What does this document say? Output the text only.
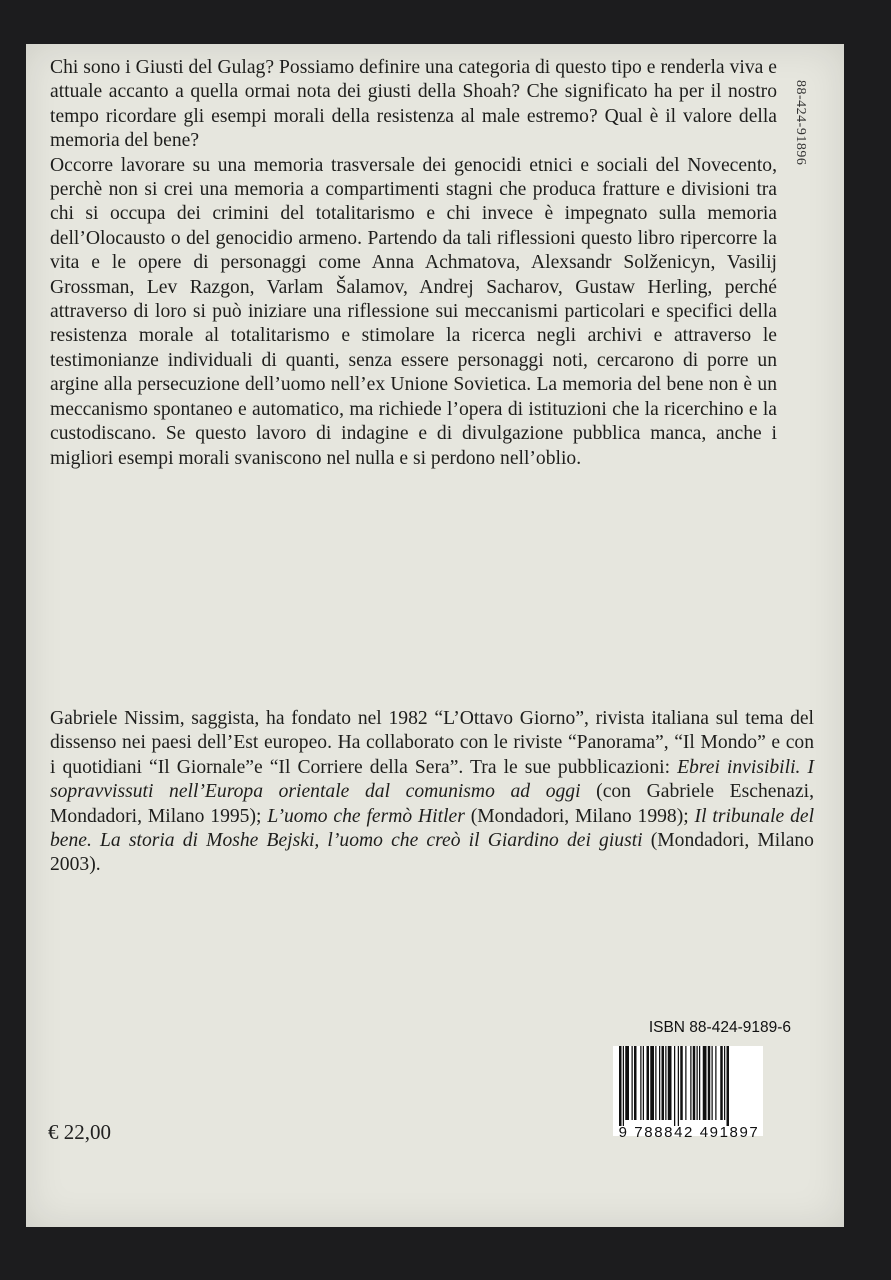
Chi sono i Giusti del Gulag? Possiamo definire una categoria di questo tipo e renderla viva e attuale accanto a quella ormai nota dei giusti della Shoah? Che significato ha per il nostro tempo ricordare gli esempi morali della resistenza al male estremo? Qual è il valore della memoria del bene?

Occorre lavorare su una memoria trasversale dei genocidi etnici e sociali del Novecento, perchè non si crei una memoria a compartimenti stagni che produca fratture e divisioni tra chi si occupa dei crimini del totalitarismo e chi invece è impegnato sulla memoria dell’Olocausto o del genocidio armeno. Partendo da tali riflessioni questo libro ripercorre la vita e le opere di personaggi come Anna Achmatova, Alexsandr Solženicyn, Vasilij Grossman, Lev Razgon, Varlam Šalamov, Andrej Sacharov, Gustaw Herling, perché attraverso di loro si può iniziare una riflessione sui meccanismi particolari e specifici della resistenza morale al totalitarismo e stimolare la ricerca negli archivi e attraverso le testimonianze individuali di quanti, senza essere personaggi noti, cercarono di porre un argine alla persecuzione dell’uomo nell’ex Unione Sovietica. La memoria del bene non è un meccanismo spontaneo e automatico, ma richiede l’opera di istituzioni che la ricerchino e la custodiscano. Se questo lavoro di indagine e di divulgazione pubblica manca, anche i migliori esempi morali svaniscono nel nulla e si perdono nell’oblio.

88-424-91896

Gabriele Nissim, saggista, ha fondato nel 1982 “L’Ottavo Giorno”, rivista italiana sul tema del dissenso nei paesi dell’Est europeo. Ha collaborato con le riviste “Panorama”, “Il Mondo” e con i quotidiani “Il Giornale”e “Il Corriere della Sera”. Tra le sue pubblicazioni: Ebrei invisibili. I sopravvissuti nell’Europa orientale dal comunismo ad oggi (con Gabriele Eschenazi, Mondadori, Milano 1995); L’uomo che fermò Hitler (Mondadori, Milano 1998); Il tribunale del bene. La storia di Moshe Bejski, l’uomo che creò il Giardino dei giusti (Mondadori, Milano 2003).

ISBN 88-424-9189-6
9 788842 491897
€ 22,00
